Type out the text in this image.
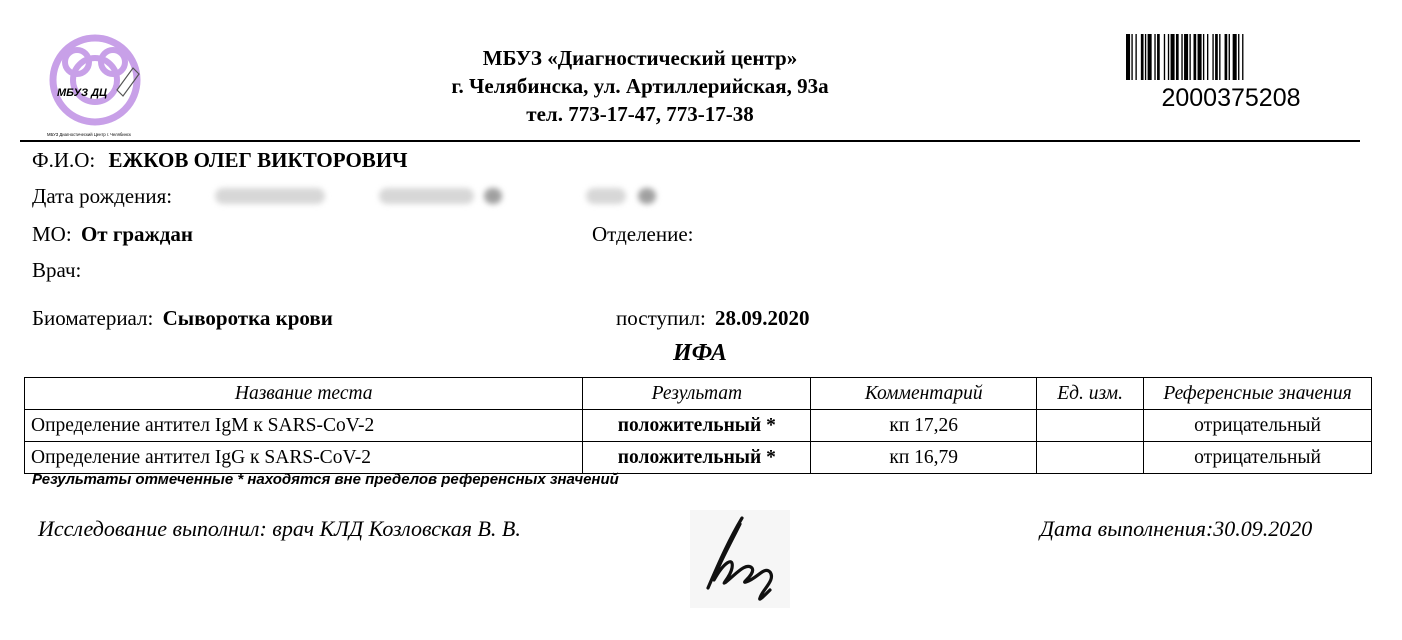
МБУЗ ДЦ
МБУЗ Диагностический Центр г. Челябинск
МБУЗ «Диагностический центр»
г. Челябинска, ул. Артиллерийская, 93а
тел. 773-17-47, 773-17-38
2000375208
Ф.И.О: ЕЖКОВ ОЛЕГ ВИКТОРОВИЧ
Дата рождения:

МО: От граждан	Отделение:
Врач:
Биоматериал: Сыворотка крови	поступил: 28.09.2020
ИФА
Название теста	Результат	Комментарий	Ед. изм.	Референсные значения
Определение антител IgM к SARS-CoV-2	положительный *	кп 17,26		отрицательный
Определение антител IgG к SARS-CoV-2	положительный *	кп 16,79		отрицательный
Результаты отмеченные * находятся вне пределов референсных значений
Исследование выполнил: врач КЛД Козловская В. В.	Дата выполнения:30.09.2020
